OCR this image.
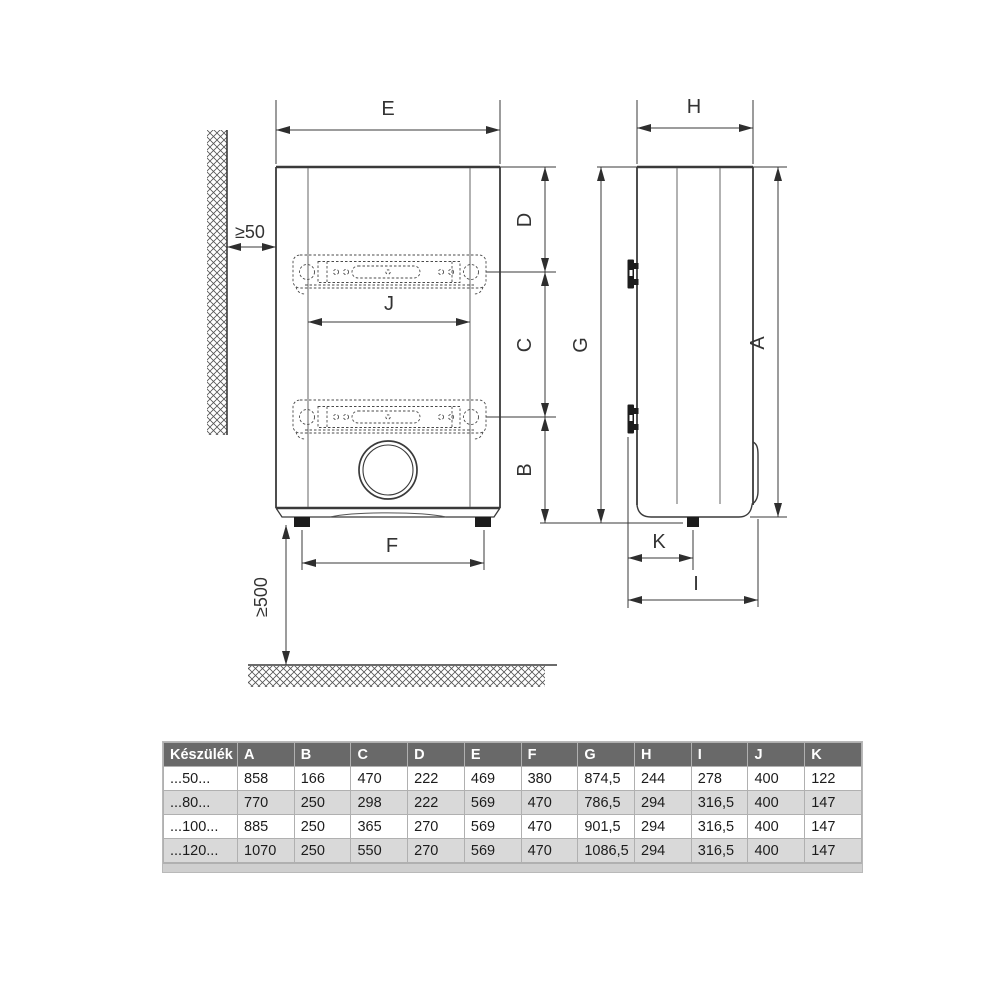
E
≥50
D
C
B
J
F
≥500
H
G	A
K
I
Készülék	A	B	C	D	E	F	G	H	I	J	K
...50...	858	166	470	222	469	380	874,5	244	278	400	122
...80...	770	250	298	222	569	470	786,5	294	316,5	400	147
...100...	885	250	365	270	569	470	901,5	294	316,5	400	147
...120...	1070	250	550	270	569	470	1086,5	294	316,5	400	147
